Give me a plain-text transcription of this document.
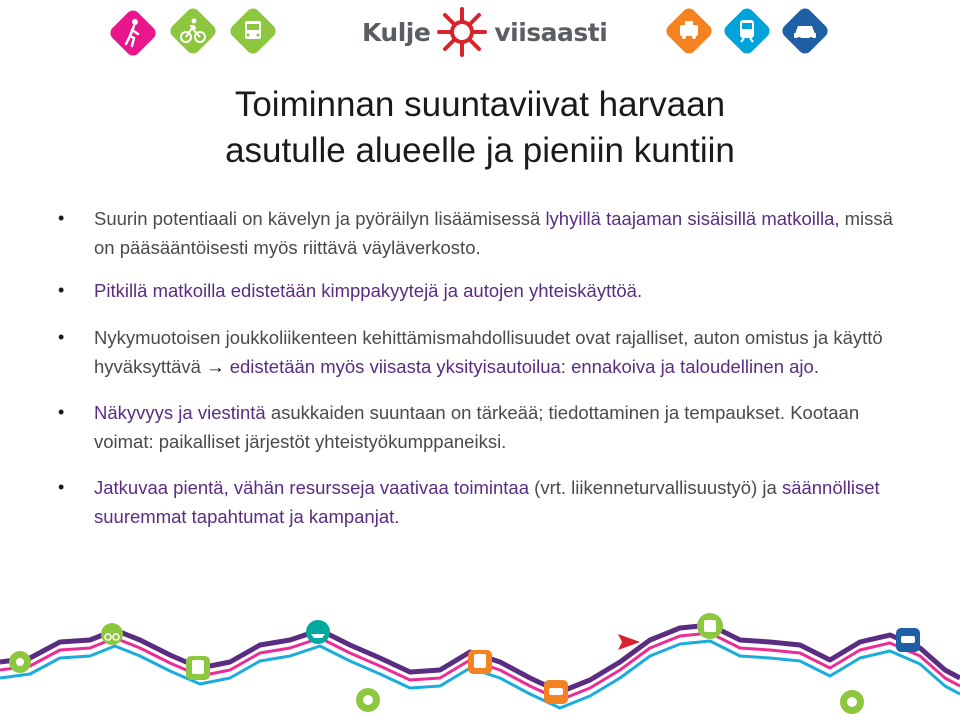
Kulje	viisaasti
Toiminnan suuntaviivat harvaan
asutulle alueelle ja pieniin kuntiin
• Suurin potentiaali on kävelyn ja pyöräilyn lisäämisessä lyhyillä taajaman sisäisillä matkoilla, missä on pääsääntöisesti myös riittävä väyläverkosto.
• Pitkillä matkoilla edistetään kimppakyytejä ja autojen yhteiskäyttöä.
• Nykymuotoisen joukkoliikenteen kehittämismahdollisuudet ovat rajalliset, auton omistus ja käyttö hyväksyttävä → edistetään myös viisasta yksityisautoilua: ennakoiva ja taloudellinen ajo.
• Näkyvyys ja viestintä asukkaiden suuntaan on tärkeää; tiedottaminen ja tempaukset. Kootaan voimat: paikalliset järjestöt yhteistyökumppaneiksi.
• Jatkuvaa pientä, vähän resursseja vaativaa toimintaa (vrt. liikenneturvallisuustyö) ja säännölliset suuremmat tapahtumat ja kampanjat.
